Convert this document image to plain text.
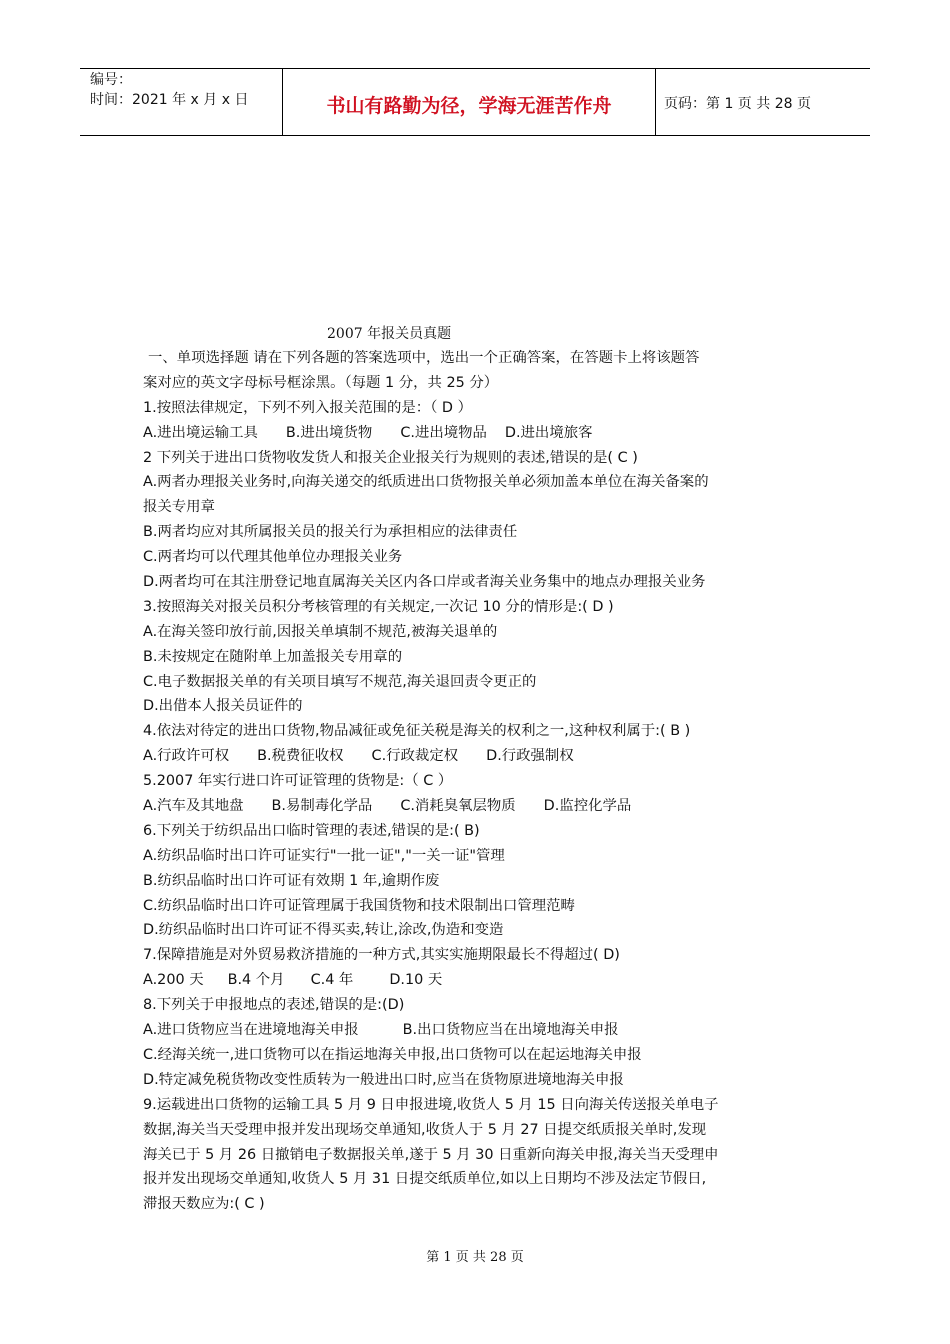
编号：
时间：2021 年 x 月 x 日	书山有路勤为径，学海无涯苦作舟	页码：第 1 页 共 28 页
2007 年报关员真题
一、单项选择题 请在下列各题的答案选项中，选出一个正确答案，在答题卡上将该题答
案对应的英文字母标号框涂黑。（每题 1 分，共 25 分）
1.按照法律规定，下列不列入报关范围的是：（ D ）
A.进出境运输工具 B.进出境货物 C.进出境物品 D.进出境旅客
2 下列关于进出口货物收发货人和报关企业报关行为规则的表述,错误的是( C )
A.两者办理报关业务时,向海关递交的纸质进出口货物报关单必须加盖本单位在海关备案的
报关专用章
B.两者均应对其所属报关员的报关行为承担相应的法律责任
C.两者均可以代理其他单位办理报关业务
D.两者均可在其注册登记地直属海关关区内各口岸或者海关业务集中的地点办理报关业务
3.按照海关对报关员积分考核管理的有关规定,一次记 10 分的情形是:( D )
A.在海关签印放行前,因报关单填制不规范,被海关退单的
B.未按规定在随附单上加盖报关专用章的
C.电子数据报关单的有关项目填写不规范,海关退回责令更正的
D.出借本人报关员证件的
4.依法对待定的进出口货物,物品减征或免征关税是海关的权利之一,这种权利属于:( B )
A.行政许可权 B.税费征收权 C.行政裁定权 D.行政强制权
5.2007 年实行进口许可证管理的货物是:（ C ）
A.汽车及其地盘 B.易制毒化学品 C.消耗臭氧层物质 D.监控化学品
6.下列关于纺织品出口临时管理的表述,错误的是:( B)
A.纺织品临时出口许可证实行"一批一证","一关一证"管理
B.纺织品临时出口许可证有效期 1 年,逾期作废
C.纺织品临时出口许可证管理属于我国货物和技术限制出口管理范畴
D.纺织品临时出口许可证不得买卖,转让,涂改,伪造和变造
7.保障措施是对外贸易救济措施的一种方式,其实实施期限最长不得超过( D)
A.200 天 B.4 个月 C.4 年	D.10 天
8.下列关于申报地点的表述,错误的是:(D)
A.进口货物应当在进境地海关申报	B.出口货物应当在出境地海关申报
C.经海关统一,进口货物可以在指运地海关申报,出口货物可以在起运地海关申报
D.特定减免税货物改变性质转为一般进出口时,应当在货物原进境地海关申报
9.运载进出口货物的运输工具 5 月 9 日申报进境,收货人 5 月 15 日向海关传送报关单电子
数据,海关当天受理申报并发出现场交单通知,收货人于 5 月 27 日提交纸质报关单时,发现
海关已于 5 月 26 日撤销电子数据报关单,遂于 5 月 30 日重新向海关申报,海关当天受理申
报并发出现场交单通知,收货人 5 月 31 日提交纸质单位,如以上日期均不涉及法定节假日,
滞报天数应为:( C )
第 1 页 共 28 页
